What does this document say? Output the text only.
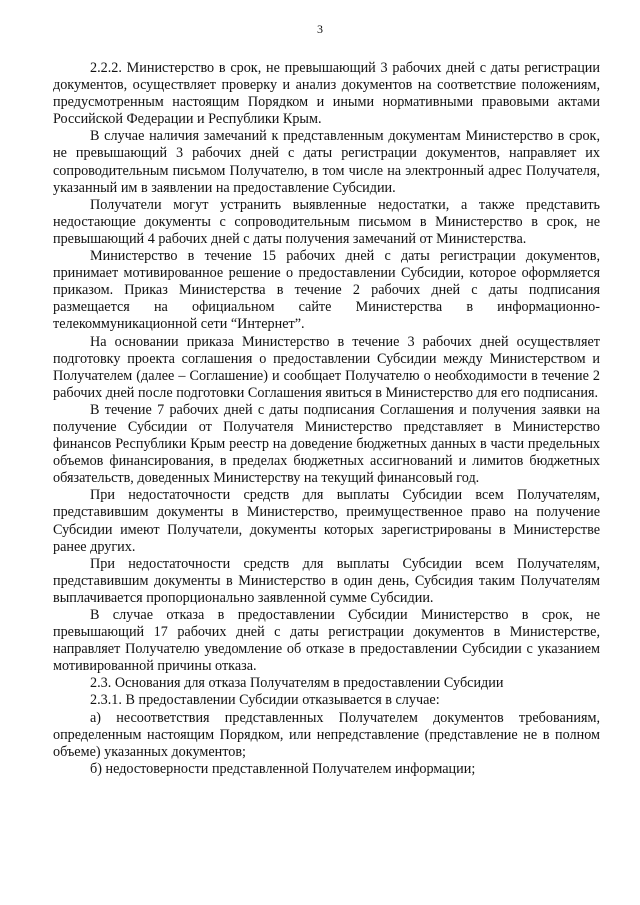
3

2.2.2. Министерство в срок, не превышающий 3 рабочих дней с даты регистрации документов, осуществляет проверку и анализ документов на соответствие положениям, предусмотренным настоящим Порядком и иными нормативными правовыми актами Российской Федерации и Республики Крым.

В случае наличия замечаний к представленным документам Министерство в срок, не превышающий 3 рабочих дней с даты регистрации документов, направляет их сопроводительным письмом Получателю, в том числе на электронный адрес Получателя, указанный им в заявлении на предоставление Субсидии.

Получатели могут устранить выявленные недостатки, а также представить недостающие документы с сопроводительным письмом в Министерство в срок, не превышающий 4 рабочих дней с даты получения замечаний от Министерства.

Министерство в течение 15 рабочих дней с даты регистрации документов, принимает мотивированное решение о предоставлении Субсидии, которое оформляется приказом. Приказ Министерства в течение 2 рабочих дней с даты подписания размещается на официальном сайте Министерства в информационно-телекоммуникационной сети “Интернет”.

На основании приказа Министерство в течение 3 рабочих дней осуществляет подготовку проекта соглашения о предоставлении Субсидии между Министерством и Получателем (далее – Соглашение) и сообщает Получателю о необходимости в течение 2 рабочих дней после подготовки Соглашения явиться в Министерство для его подписания.

В течение 7 рабочих дней с даты подписания Соглашения и получения заявки на получение Субсидии от Получателя Министерство представляет в Министерство финансов Республики Крым реестр на доведение бюджетных данных в части предельных объемов финансирования, в пределах бюджетных ассигнований и лимитов бюджетных обязательств, доведенных Министерству на текущий финансовый год.

При недостаточности средств для выплаты Субсидии всем Получателям, представившим документы в Министерство, преимущественное право на получение Субсидии имеют Получатели, документы которых зарегистрированы в Министерстве ранее других.

При недостаточности средств для выплаты Субсидии всем Получателям, представившим документы в Министерство в один день, Субсидия таким Получателям выплачивается пропорционально заявленной сумме Субсидии.

В случае отказа в предоставлении Субсидии Министерство в срок, не превышающий 17 рабочих дней с даты регистрации документов в Министерстве, направляет Получателю уведомление об отказе в предоставлении Субсидии с указанием мотивированной причины отказа.

2.3. Основания для отказа Получателям в предоставлении Субсидии

2.3.1. В предоставлении Субсидии отказывается в случае:

а) несоответствия представленных Получателем документов требованиям, определенным настоящим Порядком, или непредставление (представление не в полном объеме) указанных документов;

б) недостоверности представленной Получателем информации;
